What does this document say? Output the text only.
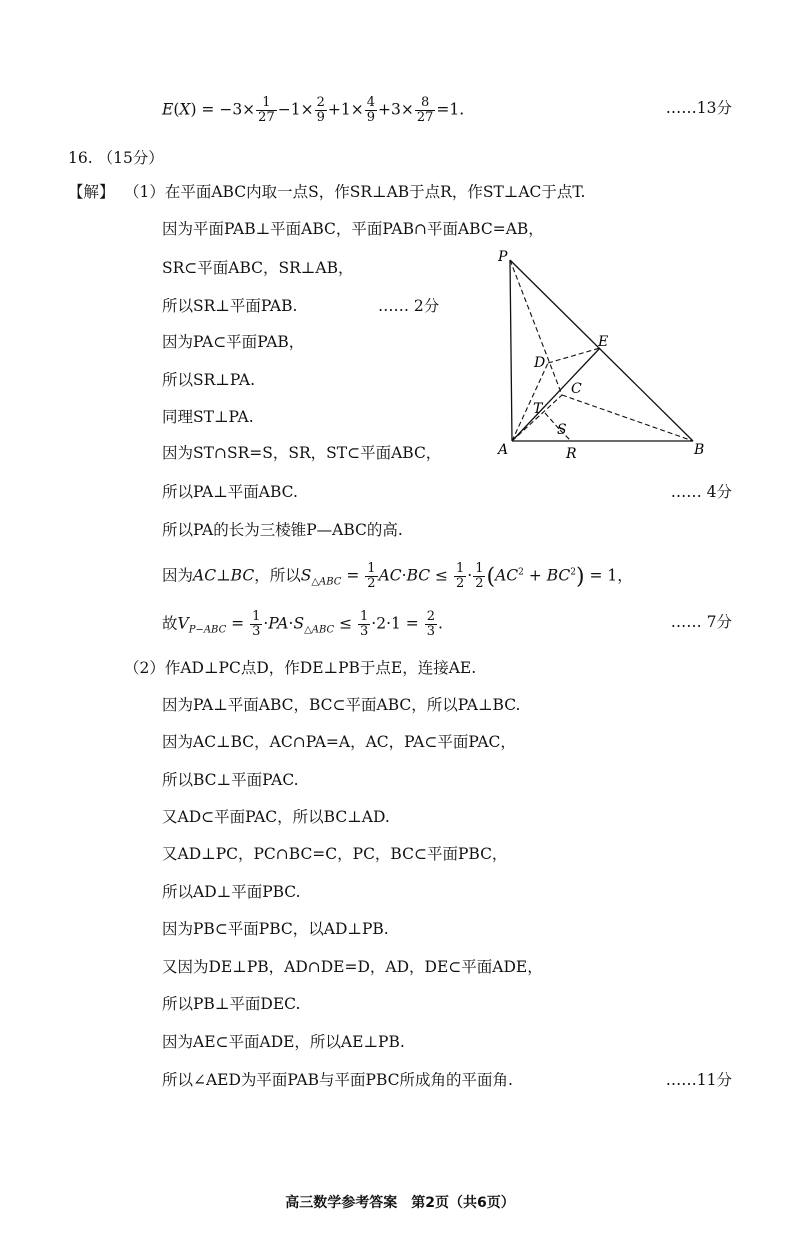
$E(X) = -3\times \frac{1}{27} -1\times \frac{2}{9} +1\times \frac{4}{9} +3\times \frac{8}{27} =1$.	……13分
16. （15分）
【解】 （1）在平面ABC内取一点S，作SR⊥AB于点R，作ST⊥AC于点T.
因为平面PAB⊥平面ABC，平面PAB∩平面ABC=AB，
SR⊂平面ABC，SR⊥AB，
所以SR⊥平面PAB.	…… 2分
因为PA⊂平面PAB，
所以SR⊥PA.
同理ST⊥PA.
因为ST∩SR=S，SR，ST⊂平面ABC，
所以PA⊥平面ABC.	…… 4分
所以PA的长为三棱锥P—ABC的高.
因为AC⊥BC，所以$S_{\triangle ABC} = \frac{1}{2} AC\cdot BC \le \frac{1}{2} \cdot \frac{1}{2} (AC^2 + BC^2) = 1$，
故$V_{P-ABC} = \frac{1}{3} \cdot PA\cdot S_{\triangle ABC} \le \frac{1}{3} \cdot 2\cdot 1 = \frac{2}{3}$ .	…… 7分
（2）作AD⊥PC点D，作DE⊥PB于点E，连接AE.
因为PA⊥平面ABC，BC⊂平面ABC，所以PA⊥BC.
因为AC⊥BC，AC∩PA=A，AC，PA⊂平面PAC，
所以BC⊥平面PAC.
又AD⊂平面PAC，所以BC⊥AD.
又AD⊥PC，PC∩BC=C，PC，BC⊂平面PBC，
所以AD⊥平面PBC.
因为PB⊂平面PBC，以AD⊥PB.
又因为DE⊥PB，AD∩DE=D，AD，DE⊂平面ADE，
所以PB⊥平面DEC.
因为AE⊂平面ADE，所以AE⊥PB.
所以∠AED为平面PAB与平面PBC所成角的平面角.	……11分
P
E
D
C
T
S
A	R	B
高三数学参考答案　第2页（共6页）
